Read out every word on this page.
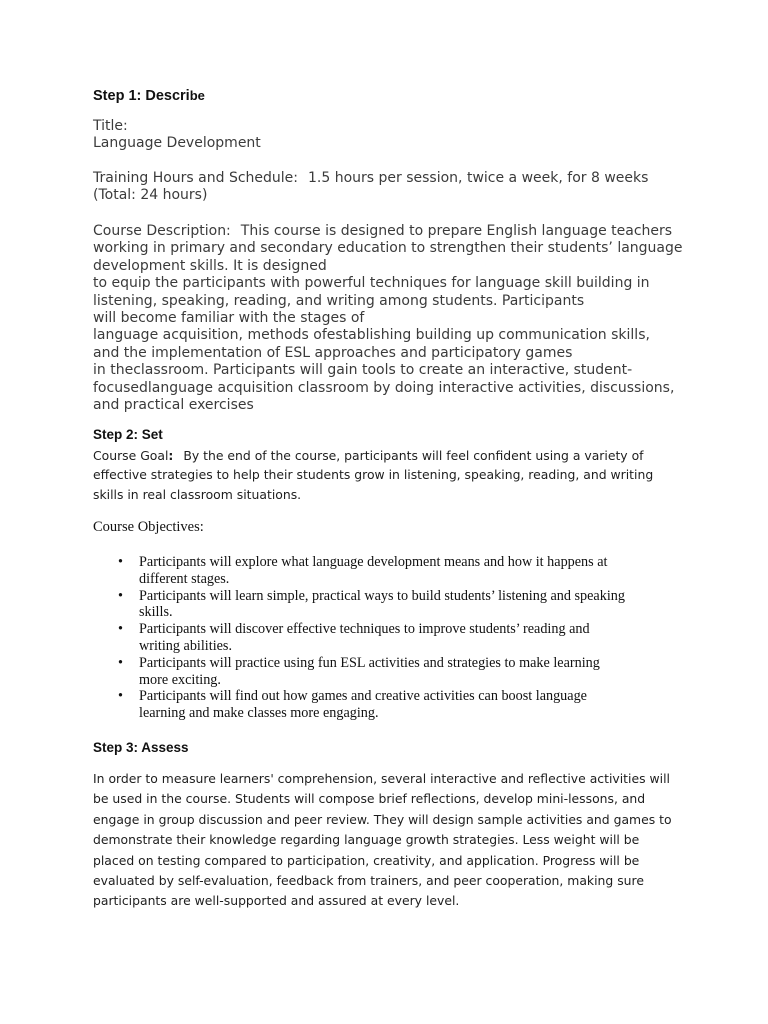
Step 1: Describe
Title:
Language Development
Training Hours and Schedule: 1.5 hours per session, twice a week, for 8 weeks
(Total: 24 hours)
Course Description: This course is designed to prepare English language teachers
working in primary and secondary education to strengthen their students’ language
development skills. It is designed
to equip the participants with powerful techniques for language skill building in
listening, speaking, reading, and writing among students. Participants
will become familiar with the stages of
language acquisition, methods ofestablishing building up communication skills,
and the implementation of ESL approaches and participatory games
in theclassroom. Participants will gain tools to create an interactive, student-
focusedlanguage acquisition classroom by doing interactive activities, discussions,
and practical exercises
Step 2: Set
Course Goal: By the end of the course, participants will feel confident using a variety of
effective strategies to help their students grow in listening, speaking, reading, and writing
skills in real classroom situations.
Course Objectives:
• Participants will explore what language development means and how it happens at
different stages.
• Participants will learn simple, practical ways to build students’ listening and speaking
skills.
• Participants will discover effective techniques to improve students’ reading and
writing abilities.
• Participants will practice using fun ESL activities and strategies to make learning
more exciting.
• Participants will find out how games and creative activities can boost language
learning and make classes more engaging.
Step 3: Assess
In order to measure learners' comprehension, several interactive and reflective activities will
be used in the course. Students will compose brief reflections, develop mini-lessons, and
engage in group discussion and peer review. They will design sample activities and games to
demonstrate their knowledge regarding language growth strategies. Less weight will be
placed on testing compared to participation, creativity, and application. Progress will be
evaluated by self-evaluation, feedback from trainers, and peer cooperation, making sure
participants are well-supported and assured at every level.
